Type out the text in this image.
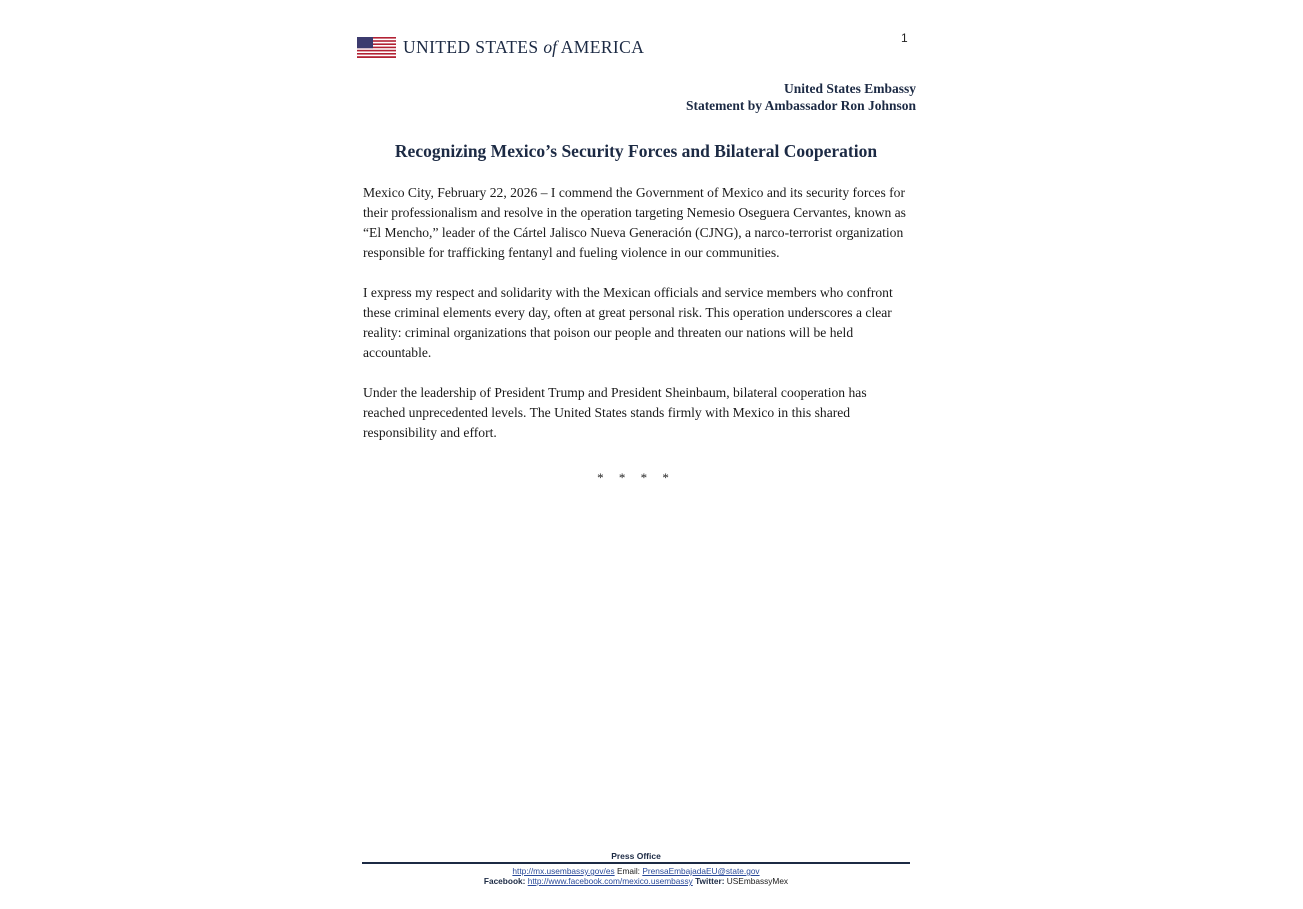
1
UNITED STATES of AMERICA
United States Embassy
Statement by Ambassador Ron Johnson
Recognizing Mexico’s Security Forces and Bilateral Cooperation

Mexico City, February 22, 2026 – I commend the Government of Mexico and its security forces for their professionalism and resolve in the operation targeting Nemesio Oseguera Cervantes, known as “El Mencho,” leader of the Cártel Jalisco Nueva Generación (CJNG), a narco-terrorist organization responsible for trafficking fentanyl and fueling violence in our communities.

I express my respect and solidarity with the Mexican officials and service members who confront these criminal elements every day, often at great personal risk. This operation underscores a clear reality: criminal organizations that poison our people and threaten our nations will be held accountable.

Under the leadership of President Trump and President Sheinbaum, bilateral cooperation has reached unprecedented levels. The United States stands firmly with Mexico in this shared responsibility and effort.

* * * *
Press Office
http://mx.usembassy.gov/es Email: PrensaEmbajadaEU@state.gov
Facebook: http://www.facebook.com/mexico.usembassy Twitter: USEmbassyMex
